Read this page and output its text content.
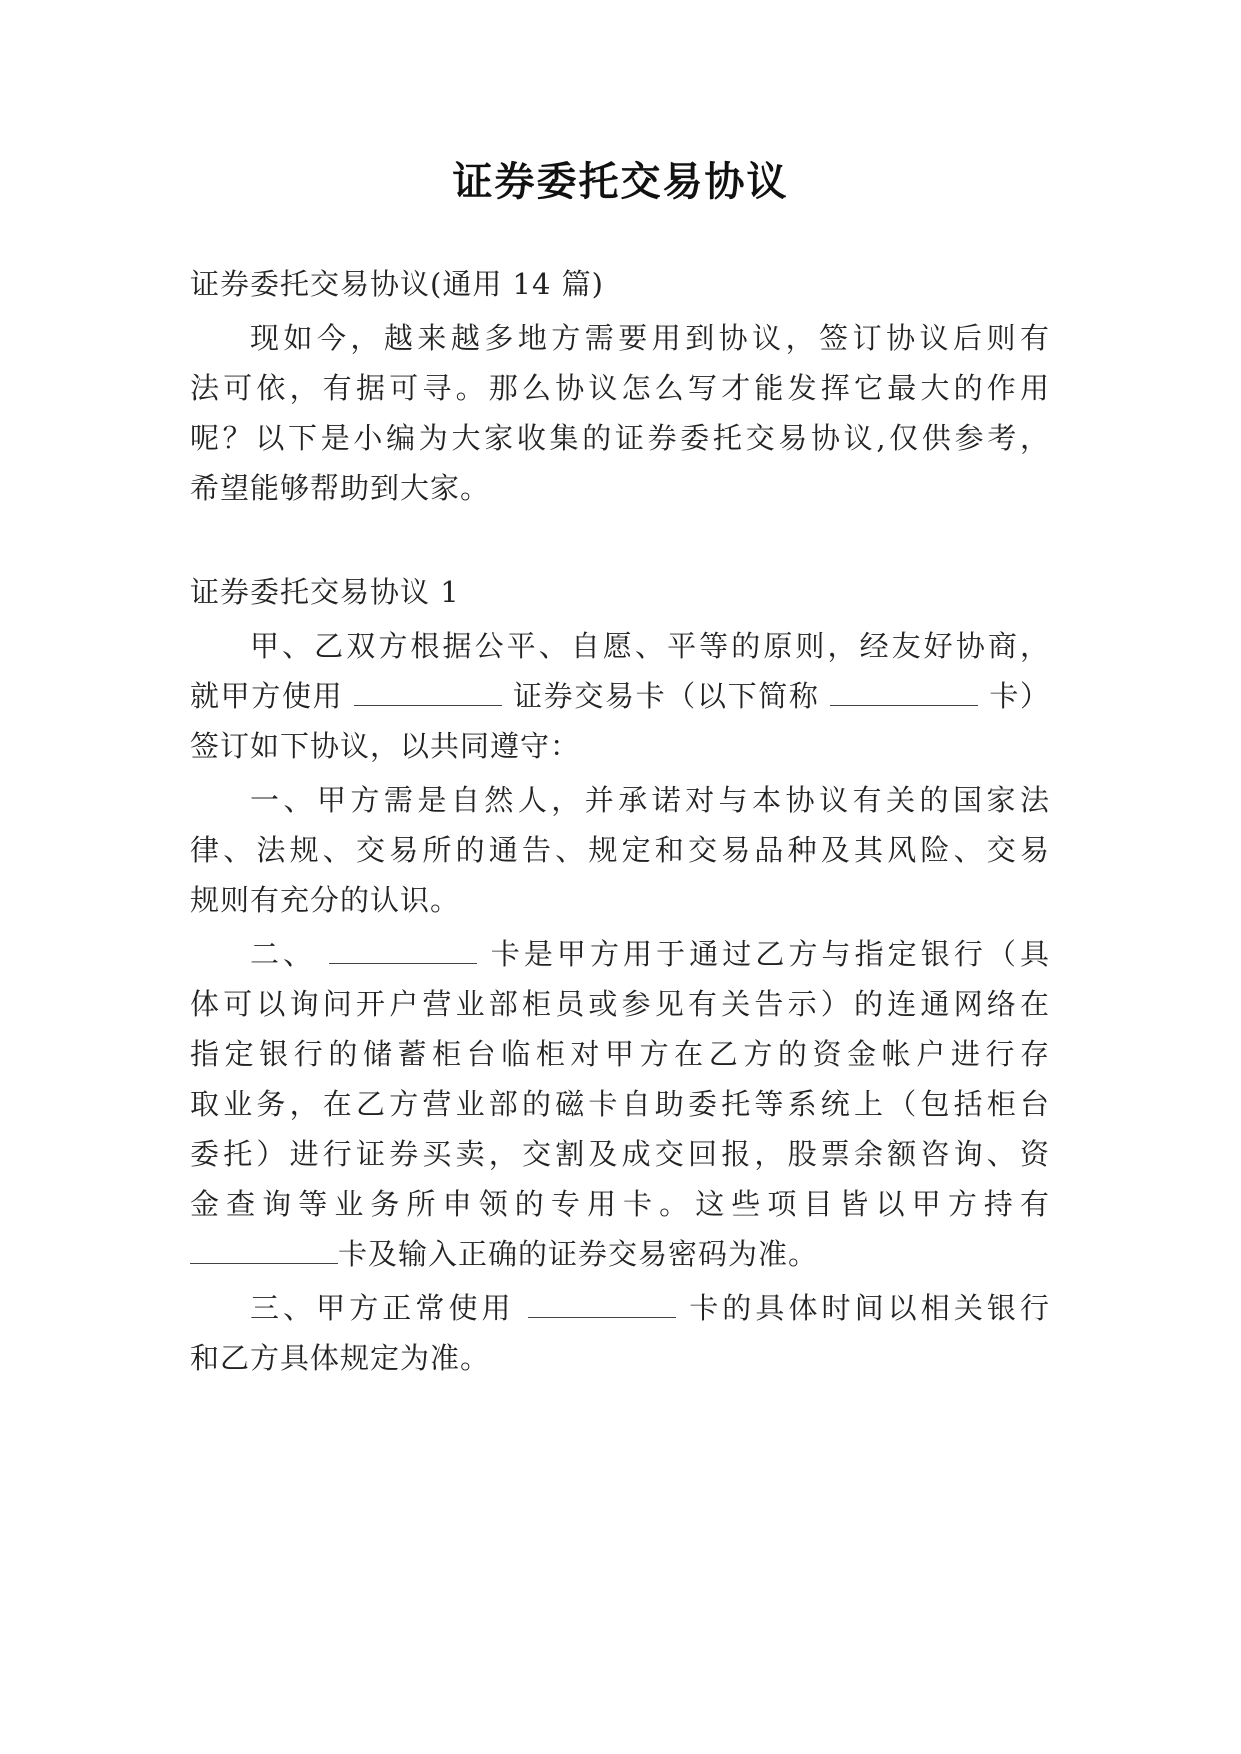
证券委托交易协议
证券委托交易协议(通用 14 篇)
现如今，越来越多地方需要用到协议，签订协议后则有
法可依，有据可寻。那么协议怎么写才能发挥它最大的作用
呢？以下是小编为大家收集的证券委托交易协议,仅供参考，
希望能够帮助到大家。
证券委托交易协议 1
甲、乙双方根据公平、自愿、平等的原则，经友好协商，
就甲方使用	证券交易卡（以下简称	卡）
签订如下协议，以共同遵守：
一、甲方需是自然人，并承诺对与本协议有关的国家法
律、法规、交易所的通告、规定和交易品种及其风险、交易
规则有充分的认识。
二、	卡是甲方用于通过乙方与指定银行（具
体可以询问开户营业部柜员或参见有关告示）的连通网络在
指定银行的储蓄柜台临柜对甲方在乙方的资金帐户进行存
取业务，在乙方营业部的磁卡自助委托等系统上（包括柜台
委托）进行证券买卖，交割及成交回报，股票余额咨询、资
金查询等业务所申领的专用卡。这些项目皆以甲方持有
卡及输入正确的证券交易密码为准。
三、甲方正常使用	卡的具体时间以相关银行
和乙方具体规定为准。
